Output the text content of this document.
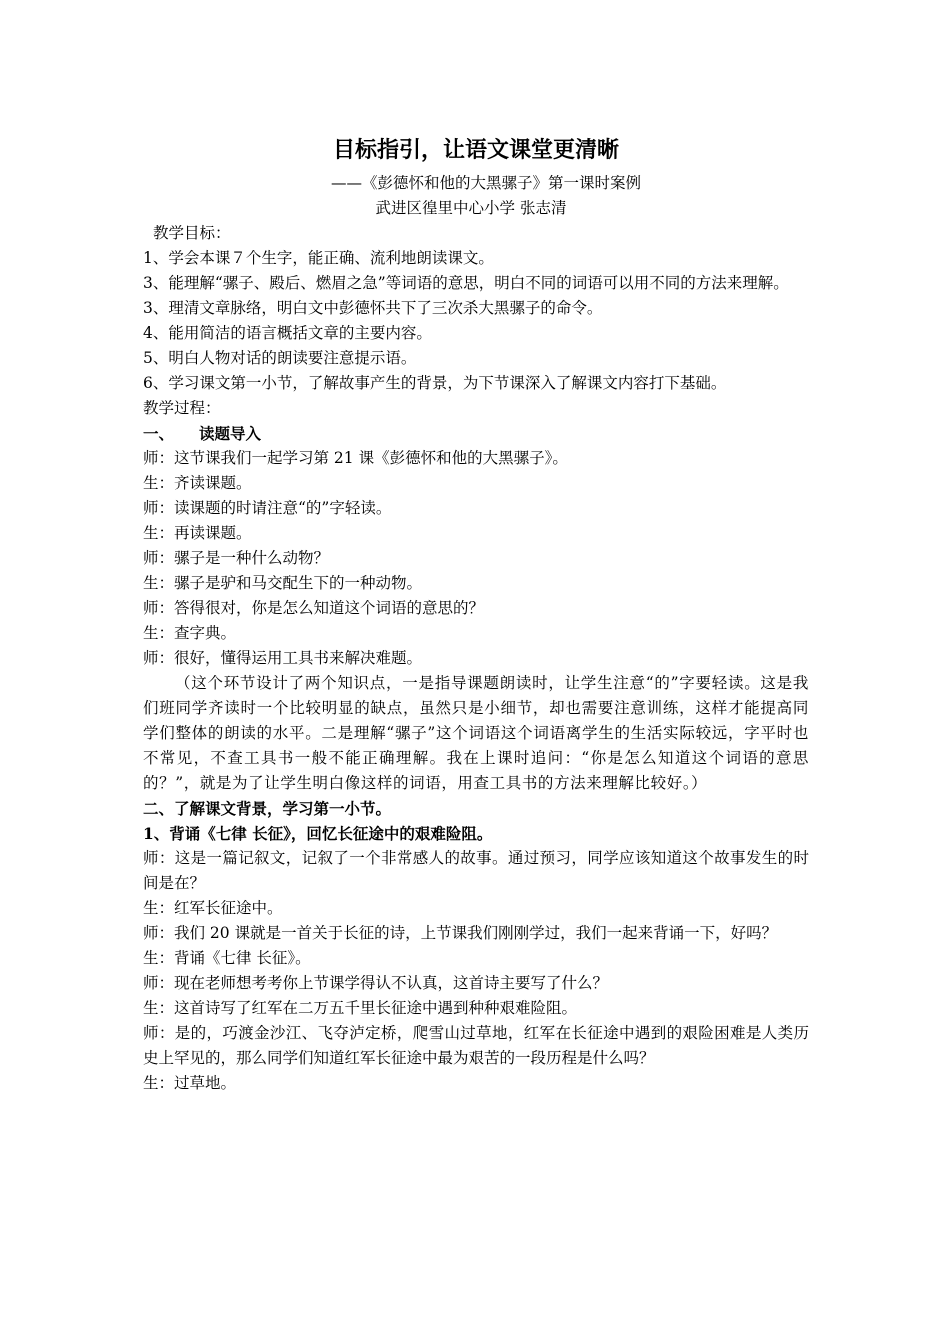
目标指引，让语文课堂更清晰
——《彭德怀和他的大黑骡子》第一课时案例
武进区徨里中心小学 张志清
教学目标：
1、学会本课７个生字，能正确、流利地朗读课文。
3、能理解“骡子、殿后、燃眉之急”等词语的意思，明白不同的词语可以用不同的方法来理解。
3、理清文章脉络，明白文中彭德怀共下了三次杀大黑骡子的命令。
4、能用简洁的语言概括文章的主要内容。
5、明白人物对话的朗读要注意提示语。
6、学习课文第一小节，了解故事产生的背景，为下节课深入了解课文内容打下基础。
教学过程：
一、 读题导入
师：这节课我们一起学习第 21 课《彭德怀和他的大黑骡子》。
生：齐读课题。
师：读课题的时请注意“的”字轻读。
生：再读课题。
师：骡子是一种什么动物？
生：骡子是驴和马交配生下的一种动物。
师：答得很对，你是怎么知道这个词语的意思的？
生：查字典。
师：很好，懂得运用工具书来解决难题。
（这个环节设计了两个知识点，一是指导课题朗读时，让学生注意“的”字要轻读。这是我们班同学齐读时一个比较明显的缺点，虽然只是小细节，却也需要注意训练，这样才能提高同学们整体的朗读的水平。二是理解“骡子”这个词语这个词语离学生的生活实际较远，字平时也不常见，不查工具书一般不能正确理解。我在上课时追问：“你是怎么知道这个词语的意思的？”，就是为了让学生明白像这样的词语，用查工具书的方法来理解比较好。）
二、了解课文背景，学习第一小节。
1、背诵《七律 长征》，回忆长征途中的艰难险阻。
师：这是一篇记叙文，记叙了一个非常感人的故事。通过预习，同学应该知道这个故事发生的时间是在？
生：红军长征途中。
师：我们 20 课就是一首关于长征的诗，上节课我们刚刚学过，我们一起来背诵一下，好吗？
生：背诵《七律 长征》。
师：现在老师想考考你上节课学得认不认真，这首诗主要写了什么？
生：这首诗写了红军在二万五千里长征途中遇到种种艰难险阻。
师：是的，巧渡金沙江、飞夺泸定桥，爬雪山过草地，红军在长征途中遇到的艰险困难是人类历史上罕见的，那么同学们知道红军长征途中最为艰苦的一段历程是什么吗？
生：过草地。
